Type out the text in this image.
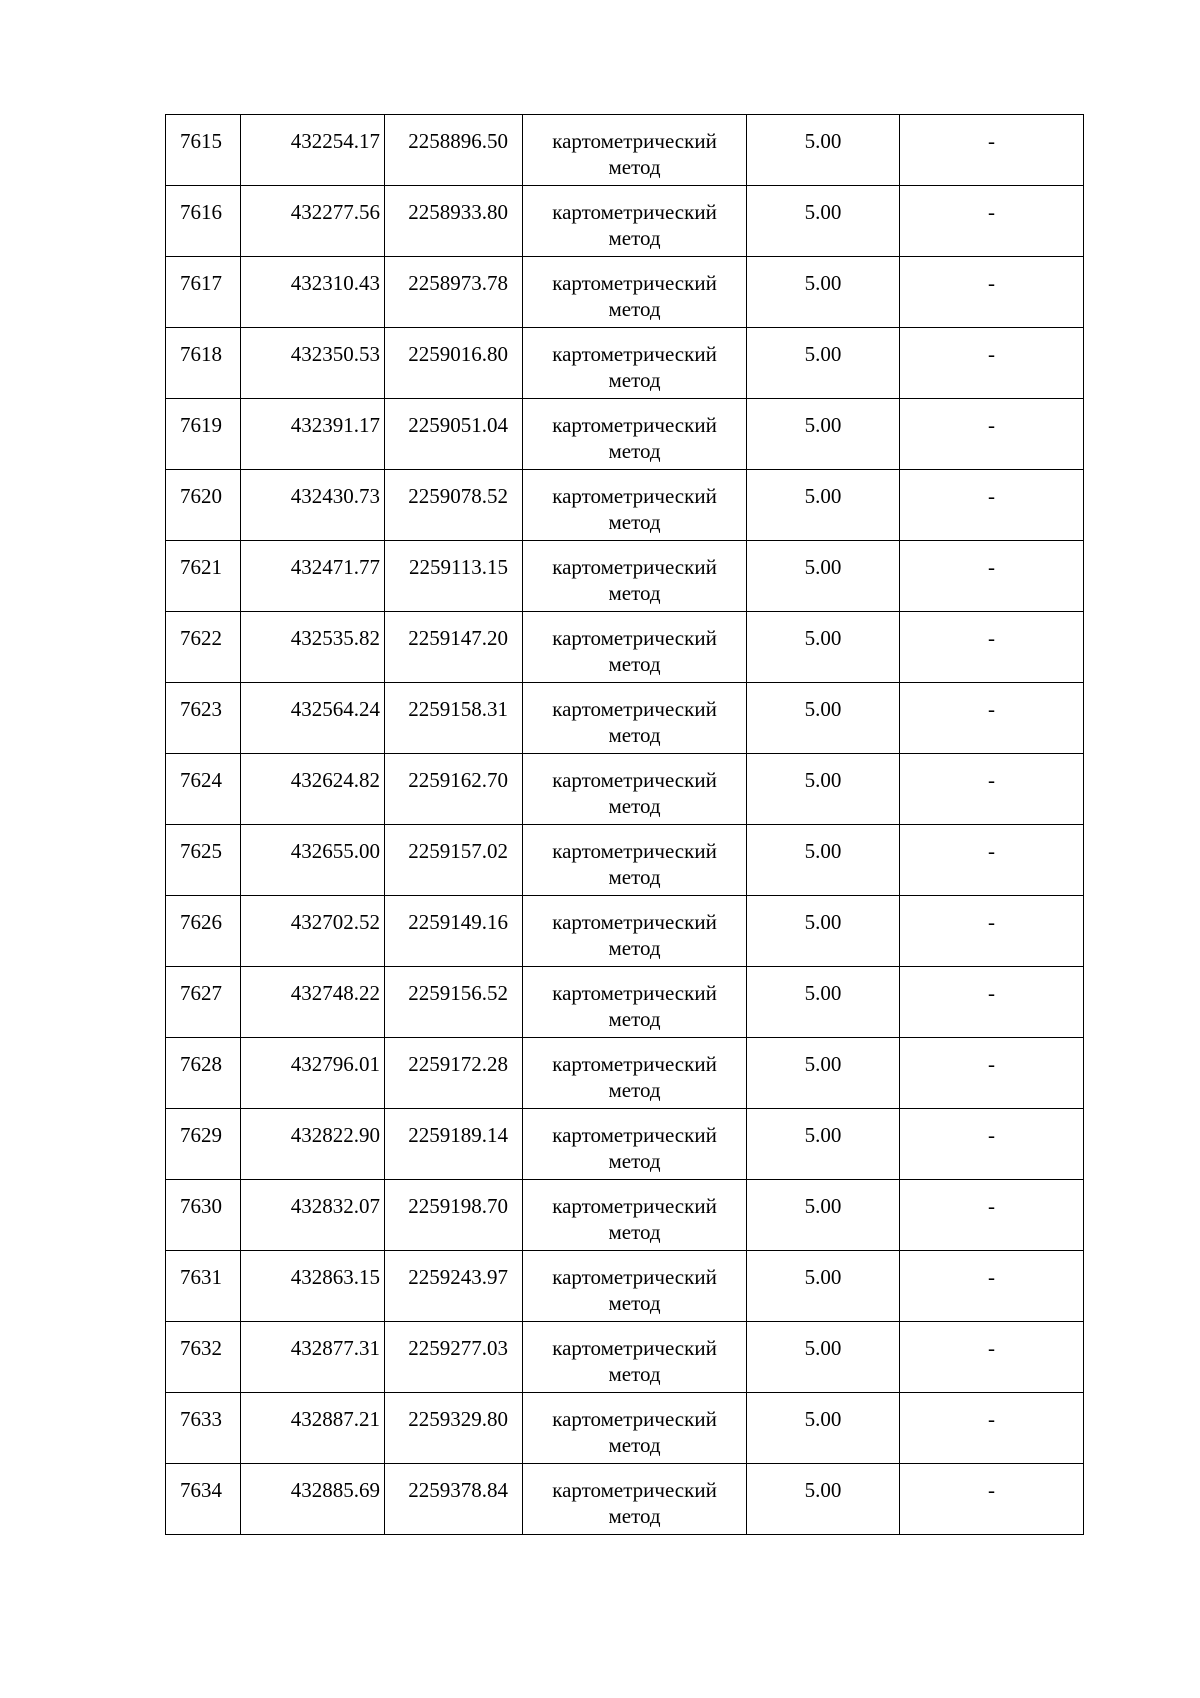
7615	432254.17	2258896.50	картометрический метод	5.00	-
7616	432277.56	2258933.80	картометрический метод	5.00	-
7617	432310.43	2258973.78	картометрический метод	5.00	-
7618	432350.53	2259016.80	картометрический метод	5.00	-
7619	432391.17	2259051.04	картометрический метод	5.00	-
7620	432430.73	2259078.52	картометрический метод	5.00	-
7621	432471.77	2259113.15	картометрический метод	5.00	-
7622	432535.82	2259147.20	картометрический метод	5.00	-
7623	432564.24	2259158.31	картометрический метод	5.00	-
7624	432624.82	2259162.70	картометрический метод	5.00	-
7625	432655.00	2259157.02	картометрический метод	5.00	-
7626	432702.52	2259149.16	картометрический метод	5.00	-
7627	432748.22	2259156.52	картометрический метод	5.00	-
7628	432796.01	2259172.28	картометрический метод	5.00	-
7629	432822.90	2259189.14	картометрический метод	5.00	-
7630	432832.07	2259198.70	картометрический метод	5.00	-
7631	432863.15	2259243.97	картометрический метод	5.00	-
7632	432877.31	2259277.03	картометрический метод	5.00	-
7633	432887.21	2259329.80	картометрический метод	5.00	-
7634	432885.69	2259378.84	картометрический метод	5.00	-
